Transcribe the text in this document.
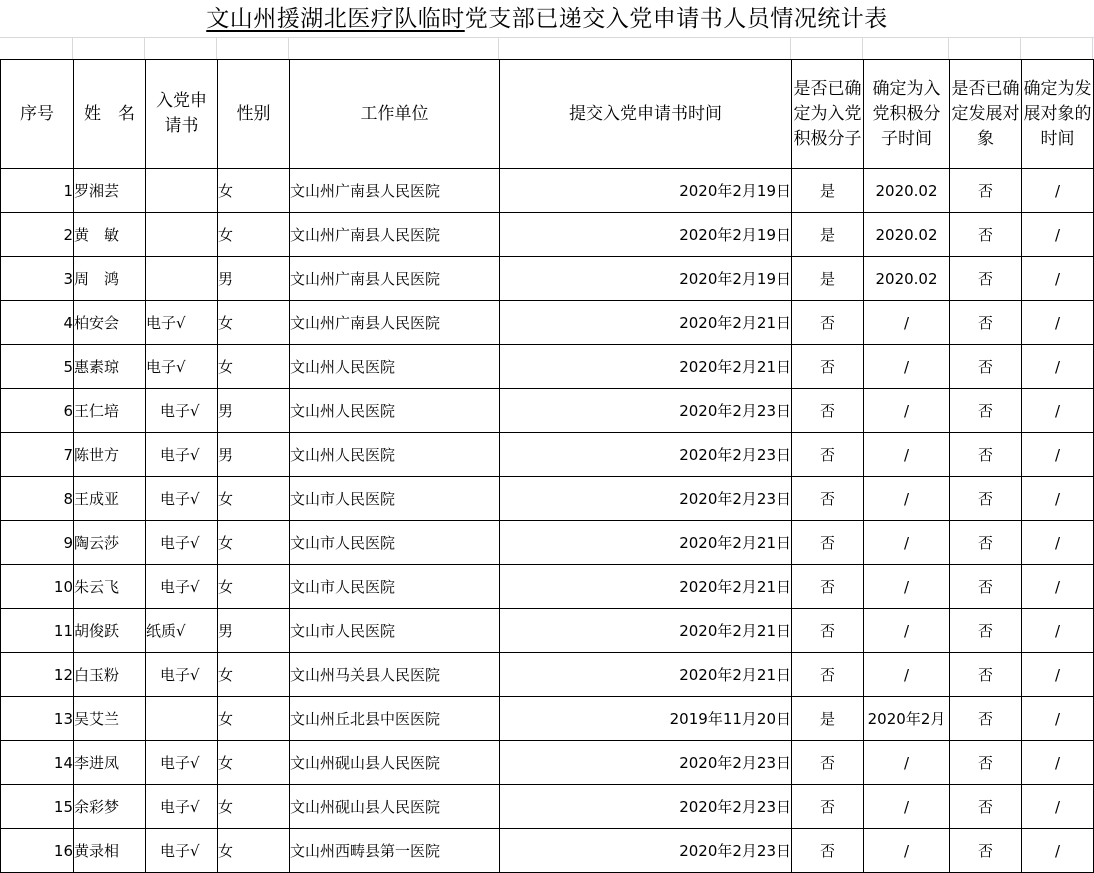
文山州援湖北医疗队临时党支部已递交入党申请书人员情况统计表
序号	姓　名	入党申请书	性别	工作单位	提交入党申请书时间	是否已确定为入党积极分子	确定为入党积极分子时间	是否已确定发展对象	确定为发展对象的时间
1	罗湘芸		女	文山州广南县人民医院	2020年2月19日	是	2020.02	否	/
2	黄　敏		女	文山州广南县人民医院	2020年2月19日	是	2020.02	否	/
3	周　鸿		男	文山州广南县人民医院	2020年2月19日	是	2020.02	否	/
4	柏安会	电子√	女	文山州广南县人民医院	2020年2月21日	否	/	否	/
5	惠素琼	电子√	女	文山州人民医院	2020年2月21日	否	/	否	/
6	王仁培	电子√	男	文山州人民医院	2020年2月23日	否	/	否	/
7	陈世方	电子√	男	文山州人民医院	2020年2月23日	否	/	否	/
8	王成亚	电子√	女	文山市人民医院	2020年2月23日	否	/	否	/
9	陶云莎	电子√	女	文山市人民医院	2020年2月21日	否	/	否	/
10	朱云飞	电子√	女	文山市人民医院	2020年2月21日	否	/	否	/
11	胡俊跃	纸质√	男	文山市人民医院	2020年2月21日	否	/	否	/
12	白玉粉	电子√	女	文山州马关县人民医院	2020年2月21日	否	/	否	/
13	吴艾兰		女	文山州丘北县中医医院	2019年11月20日	是	2020年2月	否	/
14	李进凤	电子√	女	文山州砚山县人民医院	2020年2月23日	否	/	否	/
15	余彩梦	电子√	女	文山州砚山县人民医院	2020年2月23日	否	/	否	/
16	黄录相	电子√	女	文山州西畴县第一医院	2020年2月23日	否	/	否	/
